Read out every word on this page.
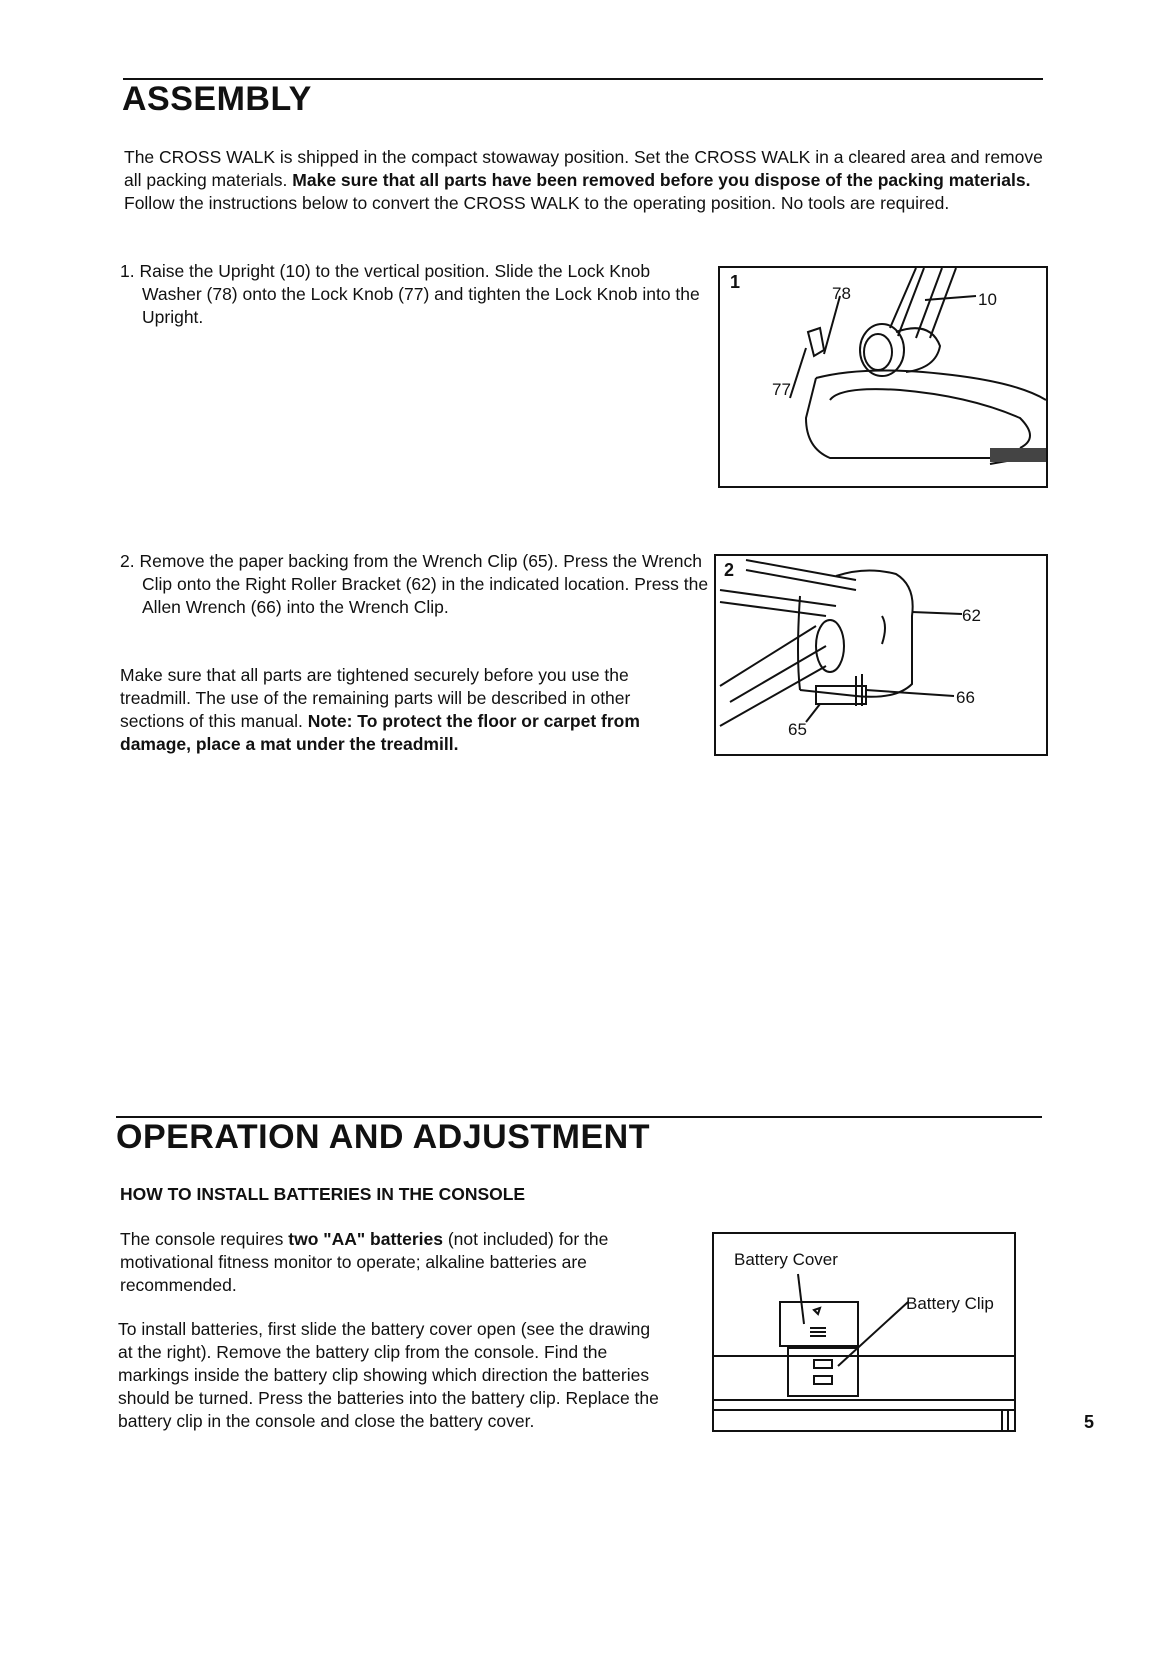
ASSEMBLY

The CROSS WALK is shipped in the compact stowaway position. Set the CROSS WALK in a cleared area and remove all packing materials. Make sure that all parts have been removed before you dispose of the packing materials. Follow the instructions below to convert the CROSS WALK to the operating position. No tools are required.

1. Raise the Upright (10) to the vertical position. Slide the Lock Knob Washer (78) onto the Lock Knob (77) and tighten the Lock Knob into the Upright.

1
78	10
77

2. Remove the paper backing from the Wrench Clip (65). Press the Wrench Clip onto the Right Roller Bracket (62) in the indicated location. Press the Allen Wrench (66) into the Wrench Clip.

2
62
66
65

Make sure that all parts are tightened securely before you use the treadmill. The use of the remaining parts will be described in other sections of this manual. Note: To protect the floor or carpet from damage, place a mat under the treadmill.

OPERATION AND ADJUSTMENT

HOW TO INSTALL BATTERIES IN THE CONSOLE

The console requires two "AA" batteries (not included) for the motivational fitness monitor to operate; alkaline batteries are recommended.

To install batteries, first slide the battery cover open (see the drawing at the right). Remove the battery clip from the console. Find the markings inside the battery clip showing which direction the batteries should be turned. Press the batteries into the battery clip. Replace the battery clip in the console and close the battery cover.

Battery Cover
Battery Clip
5
